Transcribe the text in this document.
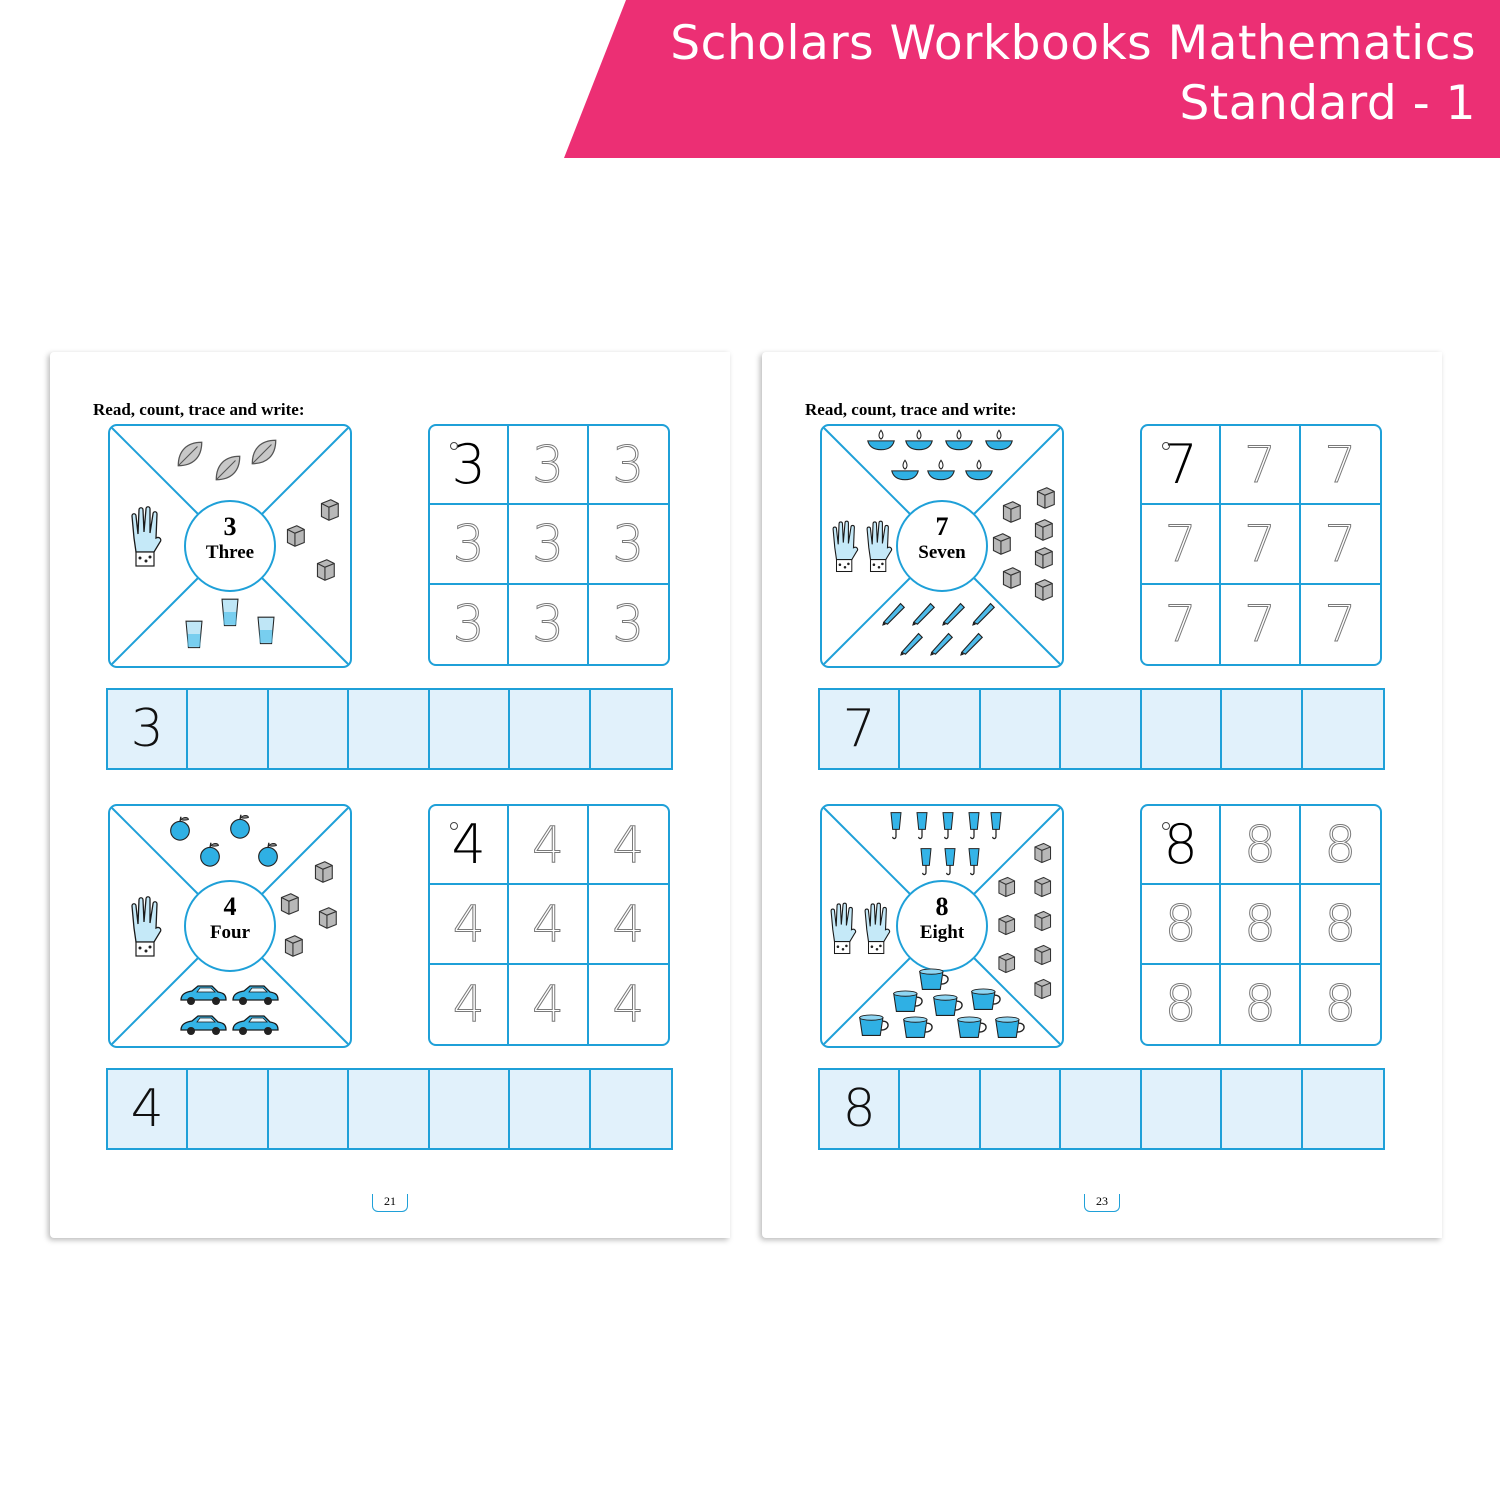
Scholars Workbooks Mathematics
Standard - 1
Read, count, trace and write:
3
Three
3 3 3
3 3 3
3 3 3
3
4
Four
4 4 4
4 4 4
4 4 4
4
21
Read, count, trace and write:
7
Seven
7 7 7
7 7 7
7 7 7
7
8
Eight
8 8 8
8 8 8
8 8 8
8
23
